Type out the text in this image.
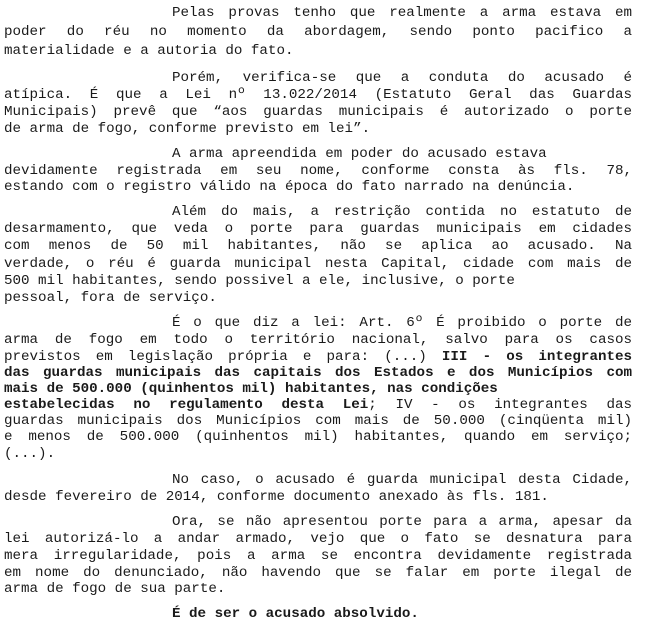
Pelas provas tenho que realmente a arma estava em
poder do réu no momento da abordagem, sendo ponto pacifico a
materialidade e a autoria do fato.
Porém, verifica-se que a conduta do acusado é
atípica. É que a Lei nº 13.022/2014 (Estatuto Geral das Guardas
Municipais) prevê que “aos guardas municipais é autorizado o porte
de arma de fogo, conforme previsto em lei”.
A arma apreendida em poder do acusado estava
devidamente registrada em seu nome, conforme consta às fls. 78,
estando com o registro válido na época do fato narrado na denúncia.
Além do mais, a restrição contida no estatuto de
desarmamento, que veda o porte para guardas municipais em cidades
com menos de 50 mil habitantes, não se aplica ao acusado. Na
verdade, o réu é guarda municipal nesta Capital, cidade com mais de
500 mil habitantes, sendo possivel a ele, inclusive, o porte
pessoal, fora de serviço.
É o que diz a lei: Art. 6º É proibido o porte de
arma de fogo em todo o território nacional, salvo para os casos
previstos em legislação própria e para: (...) III - os integrantes
das guardas municipais das capitais dos Estados e dos Municípios com
mais de 500.000 (quinhentos mil) habitantes, nas condições
estabelecidas no regulamento desta Lei; IV - os integrantes das
guardas municipais dos Municípios com mais de 50.000 (cinqüenta mil)
e menos de 500.000 (quinhentos mil) habitantes, quando em serviço;
(...).
No caso, o acusado é guarda municipal desta Cidade,
desde fevereiro de 2014, conforme documento anexado às fls. 181.
Ora, se não apresentou porte para a arma, apesar da
lei autorizá-lo a andar armado, vejo que o fato se desnatura para
mera irregularidade, pois a arma se encontra devidamente registrada
em nome do denunciado, não havendo que se falar em porte ilegal de
arma de fogo de sua parte.
É de ser o acusado absolvido.
